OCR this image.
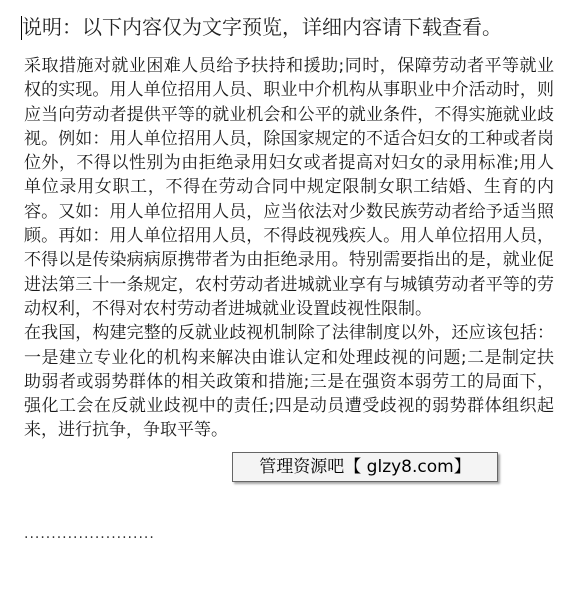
说明：以下内容仅为文字预览，详细内容请下载查看。

采取措施对就业困难人员给予扶持和援助;同时，保障劳动者平等就业权的实现。用人单位招用人员、职业中介机构从事职业中介活动时，则应当向劳动者提供平等的就业机会和公平的就业条件，不得实施就业歧视。例如：用人单位招用人员，除国家规定的不适合妇女的工种或者岗位外，不得以性别为由拒绝录用妇女或者提高对妇女的录用标准;用人单位录用女职工，不得在劳动合同中规定限制女职工结婚、生育的内容。又如：用人单位招用人员，应当依法对少数民族劳动者给予适当照顾。再如：用人单位招用人员，不得歧视残疾人。用人单位招用人员，不得以是传染病病原携带者为由拒绝录用。特别需要指出的是，就业促进法第三十一条规定，农村劳动者进城就业享有与城镇劳动者平等的劳动权利，不得对农村劳动者进城就业设置歧视性限制。

在我国，构建完整的反就业歧视机制除了法律制度以外，还应该包括：一是建立专业化的机构来解决由谁认定和处理歧视的问题;二是制定扶助弱者或弱势群体的相关政策和措施;三是在强资本弱劳工的局面下，强化工会在反就业歧视中的责任;四是动员遭受歧视的弱势群体组织起来，进行抗争，争取平等。

管理资源吧【 glzy8.com】

························
